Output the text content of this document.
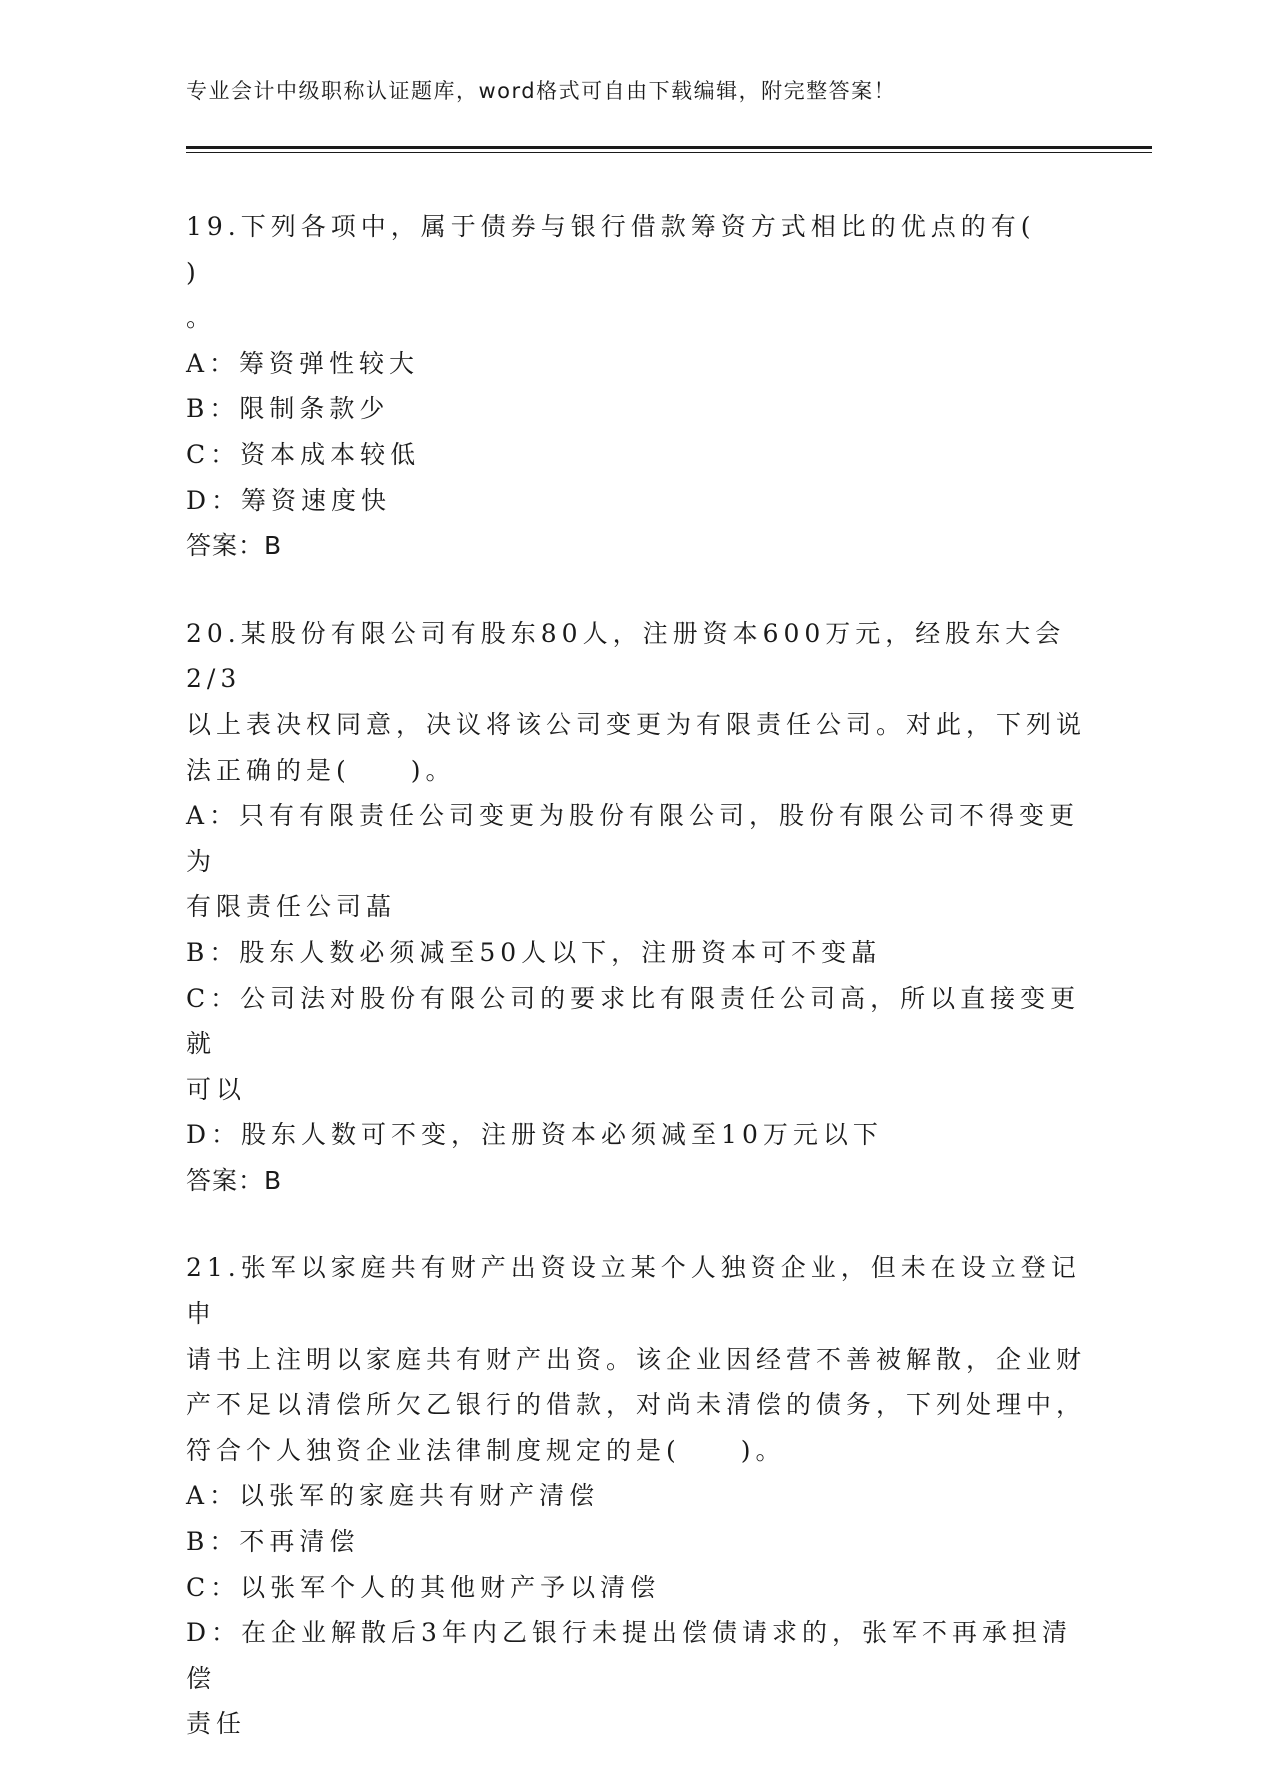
专业会计中级职称认证题库，word格式可自由下载编辑，附完整答案！
19.下列各项中，属于债券与银行借款筹资方式相比的优点的有(　　)
。
A：筹资弹性较大
B：限制条款少
C：资本成本较低
D：筹资速度快
答案：B
20.某股份有限公司有股东80人，注册资本600万元，经股东大会2/3
以上表决权同意，决议将该公司变更为有限责任公司。对此，下列说
法正确的是(　　)。
A：只有有限责任公司变更为股份有限公司，股份有限公司不得变更为
有限责任公司蕌
B：股东人数必须减至50人以下，注册资本可不变蕌
C：公司法对股份有限公司的要求比有限责任公司高，所以直接变更就
可以
D：股东人数可不变，注册资本必须减至10万元以下
答案：B
21.张军以家庭共有财产出资设立某个人独资企业，但未在设立登记申
请书上注明以家庭共有财产出资。该企业因经营不善被解散，企业财
产不足以清偿所欠乙银行的借款，对尚未清偿的债务，下列处理中，
符合个人独资企业法律制度规定的是(　　)。
A：以张军的家庭共有财产清偿
B：不再清偿
C：以张军个人的其他财产予以清偿
D：在企业解散后3年内乙银行未提出偿债请求的，张军不再承担清偿
责任
